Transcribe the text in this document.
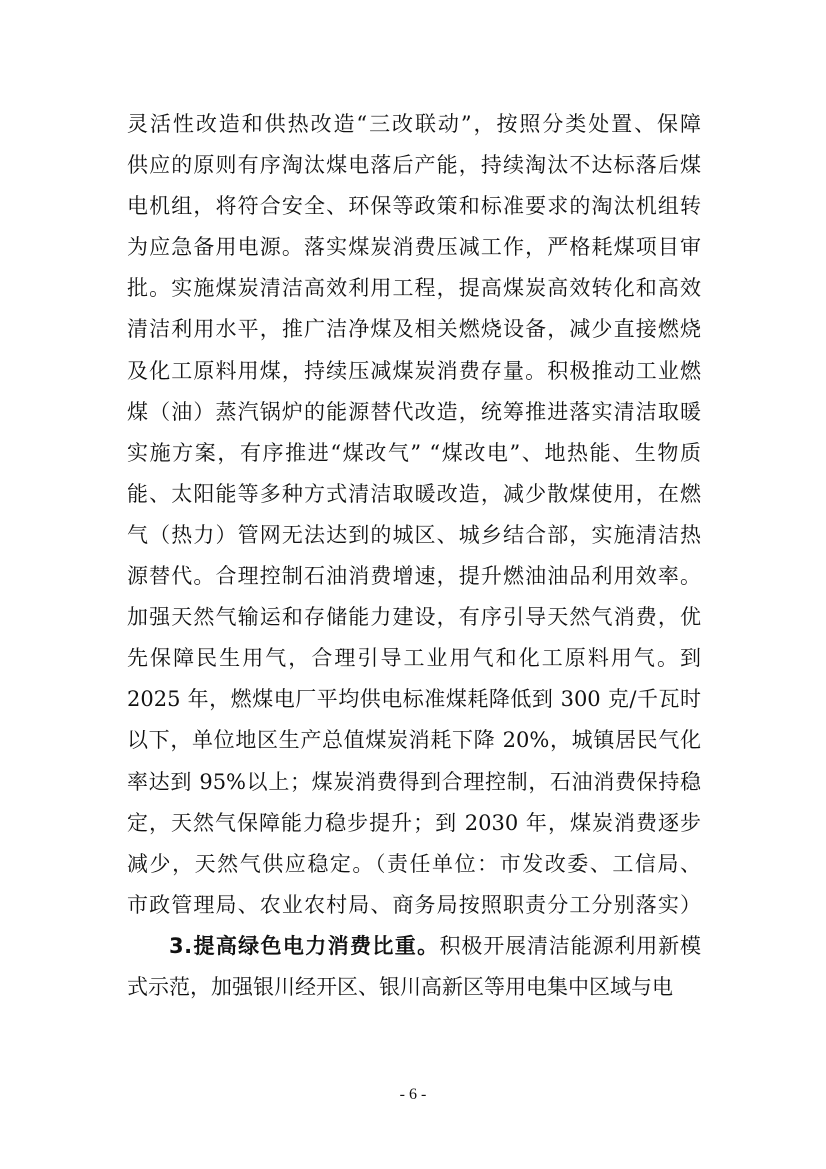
灵活性改造和供热改造“三改联动”，按照分类处置、保障
供应的原则有序淘汰煤电落后产能，持续淘汰不达标落后煤
电机组，将符合安全、环保等政策和标准要求的淘汰机组转
为应急备用电源。落实煤炭消费压减工作，严格耗煤项目审
批。实施煤炭清洁高效利用工程，提高煤炭高效转化和高效
清洁利用水平，推广洁净煤及相关燃烧设备，减少直接燃烧
及化工原料用煤，持续压减煤炭消费存量。积极推动工业燃
煤（油）蒸汽锅炉的能源替代改造，统筹推进落实清洁取暖
实施方案，有序推进“煤改气” “煤改电”、地热能、生物质
能、太阳能等多种方式清洁取暖改造，减少散煤使用，在燃
气（热力）管网无法达到的城区、城乡结合部，实施清洁热
源替代。合理控制石油消费增速，提升燃油油品利用效率。
加强天然气输运和存储能力建设，有序引导天然气消费，优
先保障民生用气，合理引导工业用气和化工原料用气。到
2025 年，燃煤电厂平均供电标准煤耗降低到 300 克/千瓦时
以下，单位地区生产总值煤炭消耗下降 20%，城镇居民气化
率达到 95%以上；煤炭消费得到合理控制，石油消费保持稳
定，天然气保障能力稳步提升；到 2030 年，煤炭消费逐步
减少，天然气供应稳定。（责任单位：市发改委、工信局、
市政管理局、农业农村局、商务局按照职责分工分别落实）
3.提高绿色电力消费比重。积极开展清洁能源利用新模
式示范，加强银川经开区、银川高新区等用电集中区域与电
- 6 -
